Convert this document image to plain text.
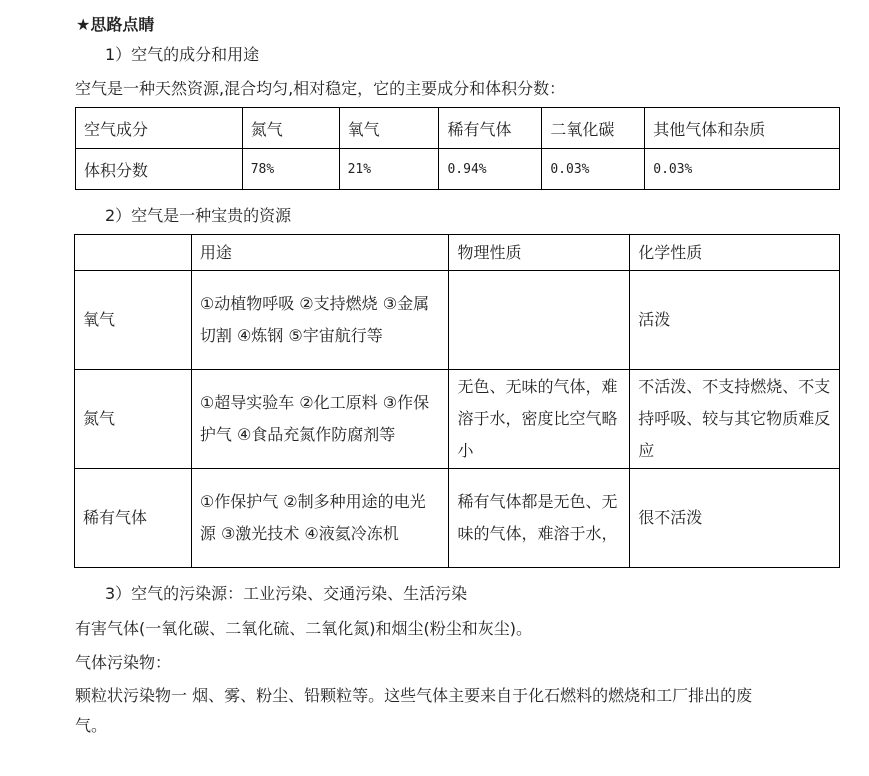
★思路点睛
1）空气的成分和用途
空气是一种天然资源,混合均匀,相对稳定，它的主要成分和体积分数：
空气成分	氮气	氧气	稀有气体	二氧化碳	其他气体和杂质
体积分数	78%	21%	0.94%	0.03%	0.03%
2）空气是一种宝贵的资源
	用途	物理性质	化学性质
氧气	①动植物呼吸 ②支持燃烧 ③金属切割 ④炼钢 ⑤宇宙航行等		活泼
氮气	①超导实验车 ②化工原料 ③作保护气 ④食品充氮作防腐剂等	无色、无味的气体，难溶于水，密度比空气略小	不活泼、不支持燃烧、不支持呼吸、较与其它物质难反应
稀有气体	①作保护气 ②制多种用途的电光源 ③激光技术 ④液氦冷冻机	稀有气体都是无色、无味的气体，难溶于水，	很不活泼
3）空气的污染源：工业污染、交通污染、生活污染
有害气体(一氧化碳、二氧化硫、二氧化氮)和烟尘(粉尘和灰尘)。
气体污染物：
颗粒状污染物一 烟、雾、粉尘、铅颗粒等。这些气体主要来自于化石燃料的燃烧和工厂排出的废
气。
